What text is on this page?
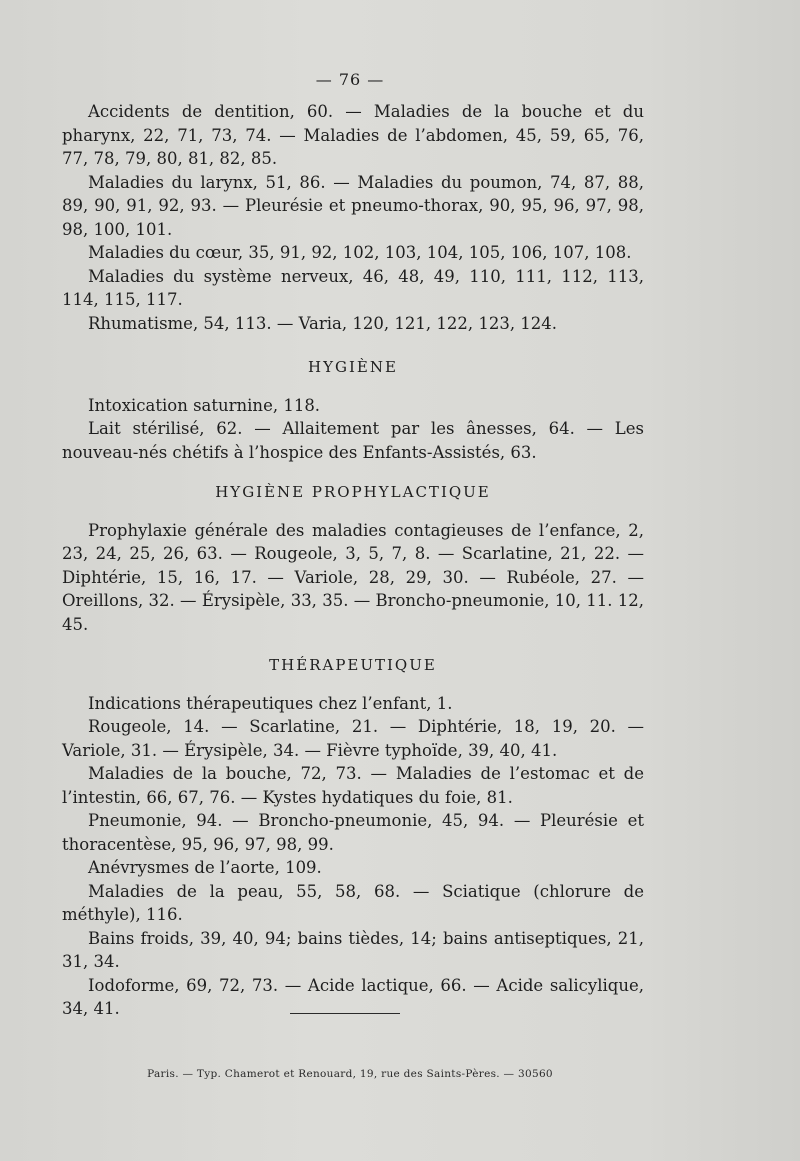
— 76 —

Accidents de dentition, 60. — Maladies de la bouche et du pharynx, 22, 71, 73, 74. — Maladies de l’abdomen, 45, 59, 65, 76, 77, 78, 79, 80, 81, 82, 85.

Maladies du larynx, 51, 86. — Maladies du poumon, 74, 87, 88, 89, 90, 91, 92, 93. — Pleurésie et pneumo-thorax, 90, 95, 96, 97, 98, 98, 100, 101.

Maladies du cœur, 35, 91, 92, 102, 103, 104, 105, 106, 107, 108.

Maladies du système nerveux, 46, 48, 49, 110, 111, 112, 113, 114, 115, 117.

Rhumatisme, 54, 113. — Varia, 120, 121, 122, 123, 124.

HYGIÈNE

Intoxication saturnine, 118.

Lait stérilisé, 62. — Allaitement par les ânesses, 64. — Les nouveau-nés chétifs à l’hospice des Enfants-Assistés, 63.

HYGIÈNE PROPHYLACTIQUE

Prophylaxie générale des maladies contagieuses de l’enfance, 2, 23, 24, 25, 26, 63. — Rougeole, 3, 5, 7, 8. — Scarlatine, 21, 22. — Diphtérie, 15, 16, 17. — Variole, 28, 29, 30. — Rubéole, 27. — Oreillons, 32. — Érysipèle, 33, 35. — Broncho-pneumonie, 10, 11. 12, 45.

THÉRAPEUTIQUE

Indications thérapeutiques chez l’enfant, 1.

Rougeole, 14. — Scarlatine, 21. — Diphtérie, 18, 19, 20. — Variole, 31. — Érysipèle, 34. — Fièvre typhoïde, 39, 40, 41.

Maladies de la bouche, 72, 73. — Maladies de l’estomac et de l’intestin, 66, 67, 76. — Kystes hydatiques du foie, 81.

Pneumonie, 94. — Broncho-pneumonie, 45, 94. — Pleurésie et thoracentèse, 95, 96, 97, 98, 99.

Anévrysmes de l’aorte, 109.

Maladies de la peau, 55, 58, 68. — Sciatique (chlorure de méthyle), 116.

Bains froids, 39, 40, 94; bains tièdes, 14; bains antiseptiques, 21, 31, 34.

Iodoforme, 69, 72, 73. — Acide lactique, 66. — Acide salicylique, 34, 41.

Paris. — Typ. Chamerot et Renouard, 19, rue des Saints-Pères. — 30560
